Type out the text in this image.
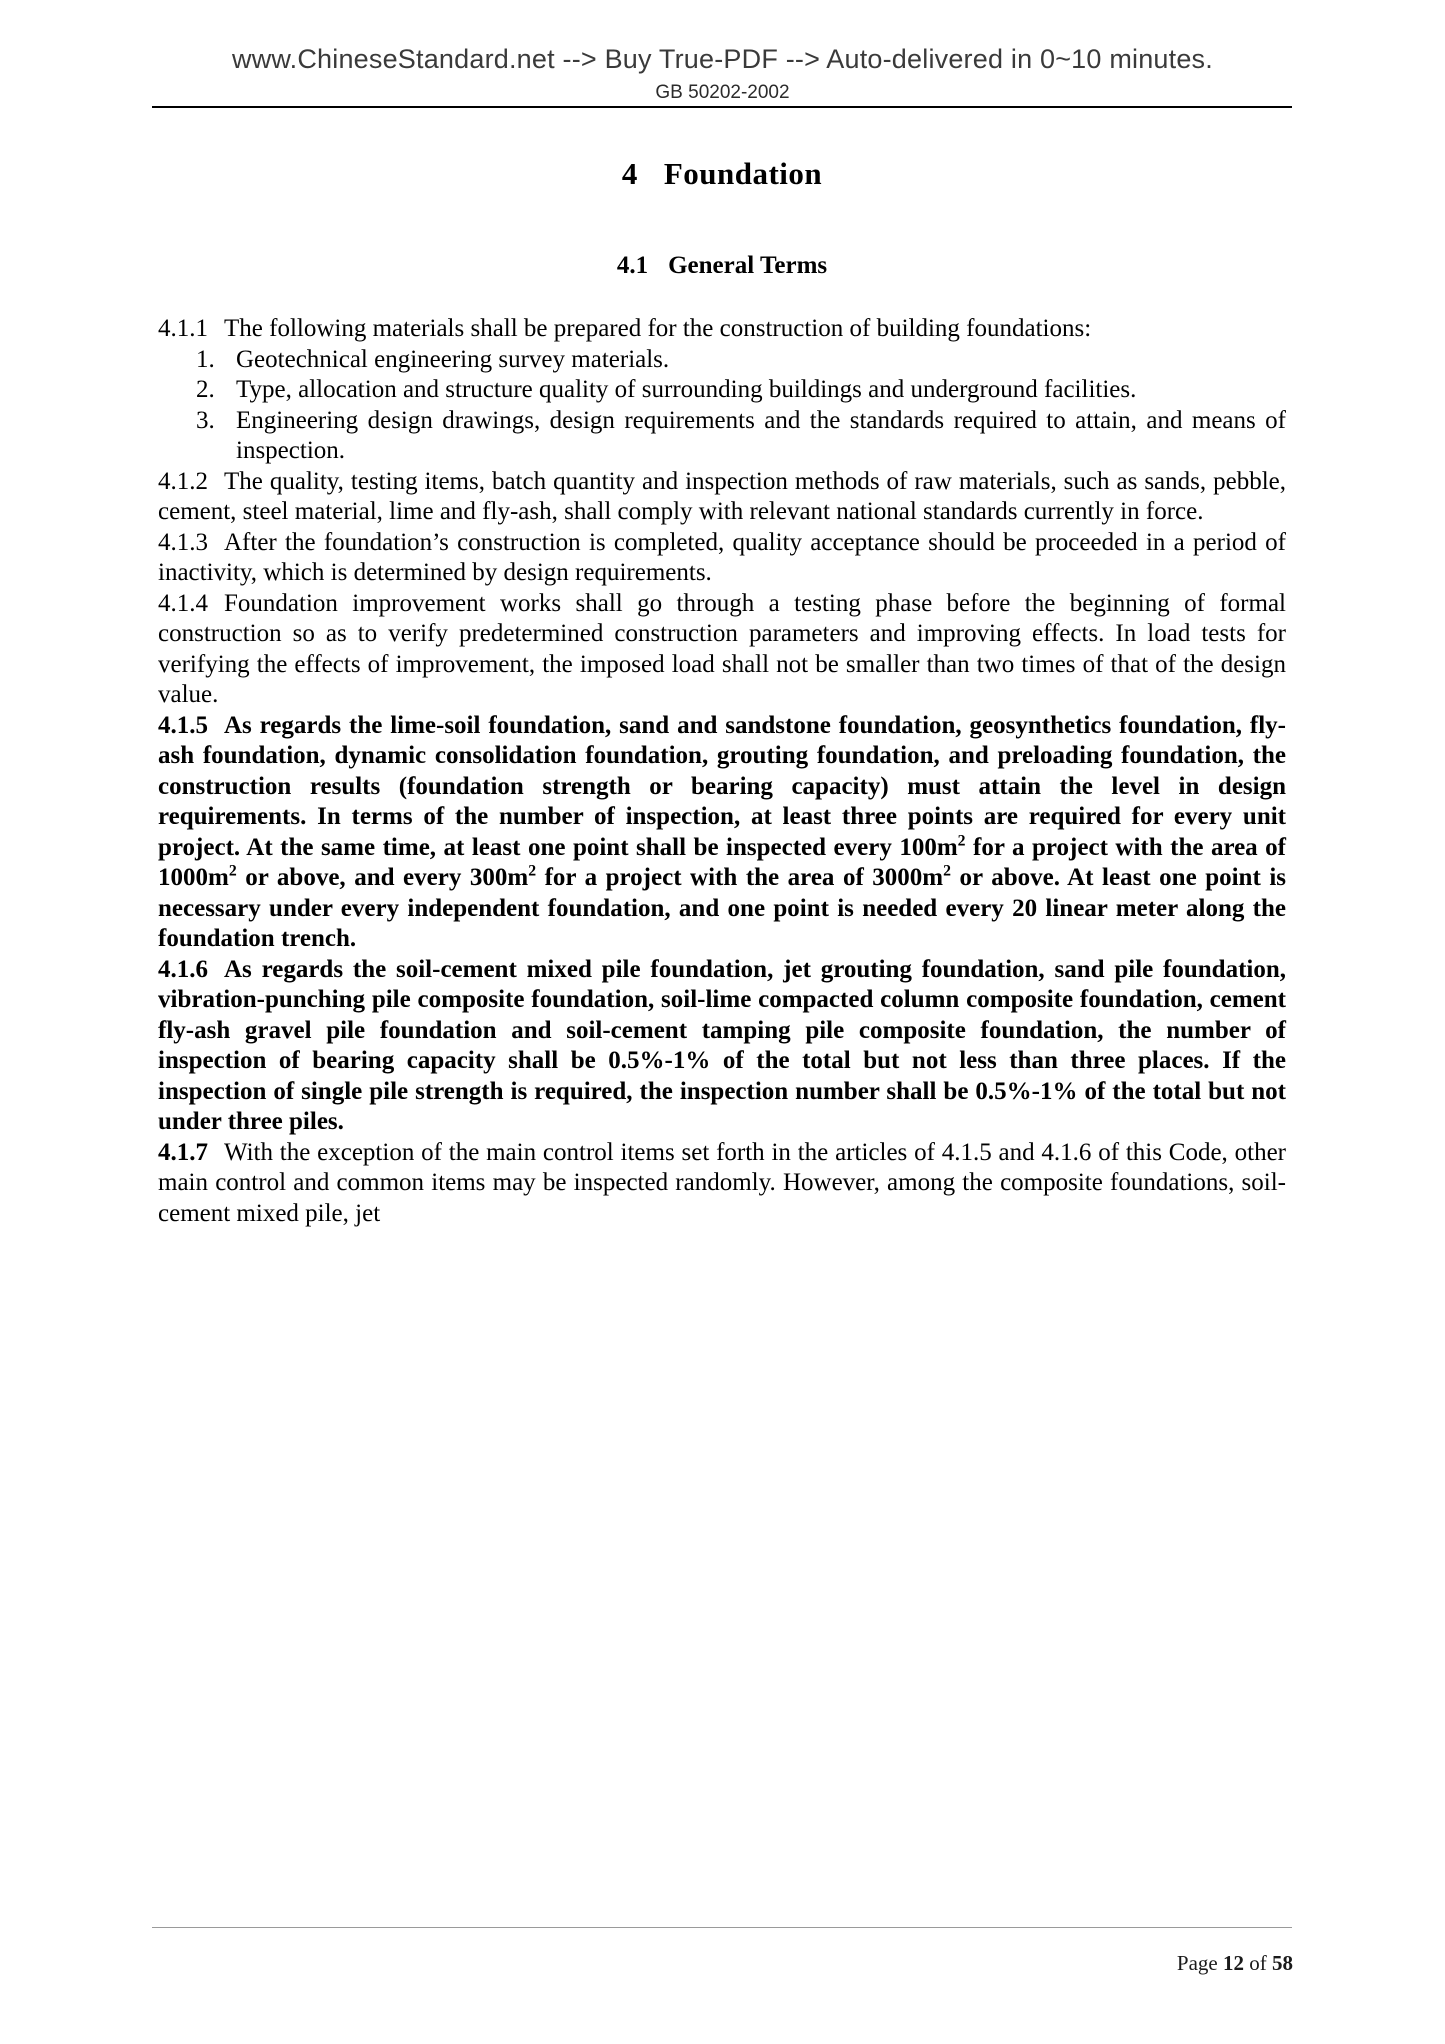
www.ChineseStandard.net --> Buy True-PDF --> Auto-delivered in 0~10 minutes.
GB 50202-2002
4 Foundation
4.1 General Terms

4.1.1 The following materials shall be prepared for the construction of building foundations:

1. Geotechnical engineering survey materials.
2. Type, allocation and structure quality of surrounding buildings and underground facilities.
3. Engineering design drawings, design requirements and the standards required to attain, and means of inspection.

4.1.2 The quality, testing items, batch quantity and inspection methods of raw materials, such as sands, pebble, cement, steel material, lime and fly-ash, shall comply with relevant national standards currently in force.

4.1.3 After the foundation’s construction is completed, quality acceptance should be proceeded in a period of inactivity, which is determined by design requirements.

4.1.4 Foundation improvement works shall go through a testing phase before the beginning of formal construction so as to verify predetermined construction parameters and improving effects. In load tests for verifying the effects of improvement, the imposed load shall not be smaller than two times of that of the design value.

4.1.5 As regards the lime-soil foundation, sand and sandstone foundation, geosynthetics foundation, fly-ash foundation, dynamic consolidation foundation, grouting foundation, and preloading foundation, the construction results (foundation strength or bearing capacity) must attain the level in design requirements. In terms of the number of inspection, at least three points are required for every unit project. At the same time, at least one point shall be inspected every $100m^2$ for a project with the area of $1000m^2$ or above, and every $300m^2$ for a project with the area of $3000m^2$ or above. At least one point is necessary under every independent foundation, and one point is needed every 20 linear meter along the foundation trench.

4.1.6 As regards the soil-cement mixed pile foundation, jet grouting foundation, sand pile foundation, vibration-punching pile composite foundation, soil-lime compacted column composite foundation, cement fly-ash gravel pile foundation and soil-cement tamping pile composite foundation, the number of inspection of bearing capacity shall be 0.5%-1% of the total but not less than three places. If the inspection of single pile strength is required, the inspection number shall be 0.5%-1% of the total but not under three piles.

4.1.7 With the exception of the main control items set forth in the articles of 4.1.5 and 4.1.6 of this Code, other main control and common items may be inspected randomly. However, among the composite foundations, soil-cement mixed pile, jet

Page 12 of 58
